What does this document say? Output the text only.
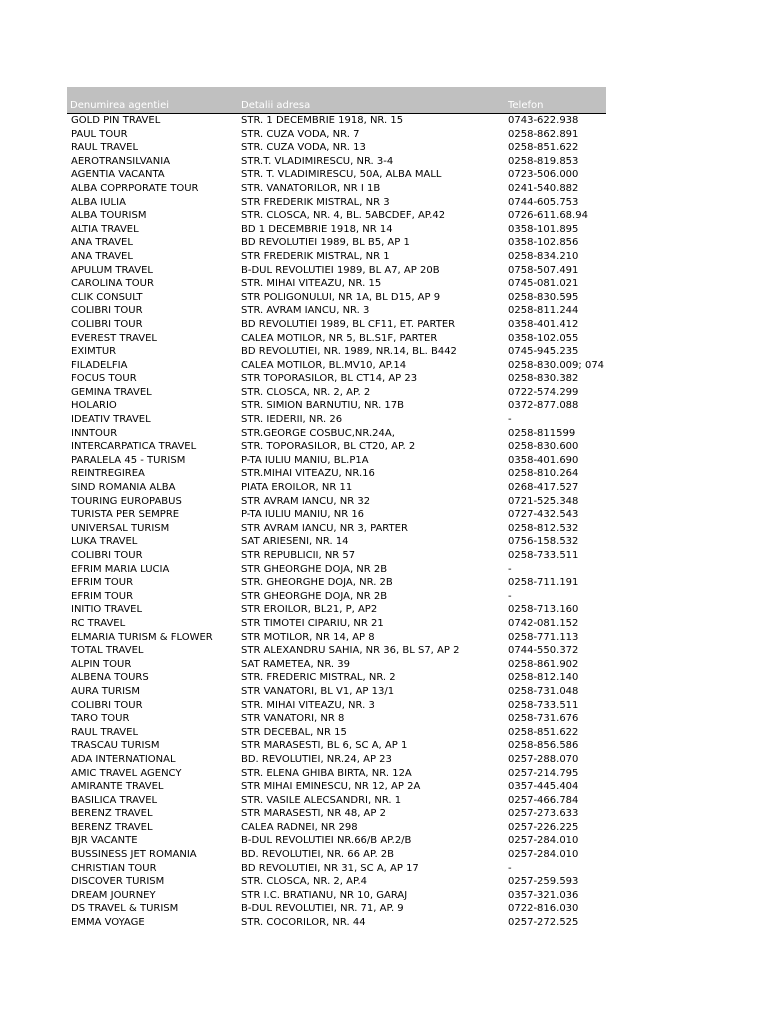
Denumirea agentiei	Detalii adresa	Telefon
GOLD PIN TRAVEL	STR. 1 DECEMBRIE 1918, NR. 15	0743-622.938
PAUL TOUR	STR. CUZA VODA, NR. 7	0258-862.891
RAUL TRAVEL	STR. CUZA VODA, NR. 13	0258-851.622
AEROTRANSILVANIA	STR.T. VLADIMIRESCU, NR. 3-4	0258-819.853
AGENTIA VACANTA	STR. T. VLADIMIRESCU, 50A, ALBA MALL	0723-506.000
ALBA COPRPORATE TOUR	STR. VANATORILOR, NR I 1B	0241-540.882
ALBA IULIA	STR FREDERIK MISTRAL, NR 3	0744-605.753
ALBA TOURISM	STR. CLOSCA, NR. 4, BL. 5ABCDEF, AP.42	0726-611.68.94
ALTIA TRAVEL	BD 1 DECEMBRIE 1918, NR 14	0358-101.895
ANA TRAVEL	BD REVOLUTIEI 1989, BL B5, AP 1	0358-102.856
ANA TRAVEL	STR FREDERIK MISTRAL, NR 1	0258-834.210
APULUM TRAVEL	B-DUL REVOLUTIEI 1989, BL A7, AP 20B	0758-507.491
CAROLINA TOUR	STR. MIHAI VITEAZU, NR. 15	0745-081.021
CLIK CONSULT	STR POLIGONULUI, NR 1A, BL D15, AP 9	0258-830.595
COLIBRI TOUR	STR. AVRAM IANCU, NR. 3	0258-811.244
COLIBRI TOUR	BD REVOLUTIEI 1989, BL CF11, ET. PARTER	0358-401.412
EVEREST TRAVEL	CALEA MOTILOR, NR 5, BL.S1F, PARTER	0358-102.055
EXIMTUR	BD REVOLUTIEI, NR. 1989, NR.14, BL. B442	0745-945.235
FILADELFIA	CALEA MOTILOR, BL.MV10, AP.14	0258-830.009; 074
FOCUS TOUR	STR TOPORASILOR, BL CT14, AP 23	0258-830.382
GEMINA TRAVEL	STR. CLOSCA, NR. 2, AP. 2	0722-574.299
HOLARIO	STR. SIMION BARNUTIU, NR. 17B	0372-877.088
IDEATIV TRAVEL	STR. IEDERII, NR. 26	-
INNTOUR	STR.GEORGE COSBUC,NR.24A,	0258-811599
INTERCARPATICA TRAVEL	STR. TOPORASILOR, BL CT20, AP. 2	0258-830.600
PARALELA 45 - TURISM	P-TA IULIU MANIU, BL.P1A	0358-401.690
REINTREGIREA	STR.MIHAI VITEAZU, NR.16	0258-810.264
SIND ROMANIA ALBA	PIATA EROILOR, NR 11	0268-417.527
TOURING EUROPABUS	STR AVRAM IANCU, NR 32	0721-525.348
TURISTA PER SEMPRE	P-TA IULIU MANIU, NR 16	0727-432.543
UNIVERSAL TURISM	STR AVRAM IANCU, NR 3, PARTER	0258-812.532
LUKA TRAVEL	SAT ARIESENI, NR. 14	0756-158.532
COLIBRI TOUR	STR REPUBLICII, NR 57	0258-733.511
EFRIM MARIA LUCIA	STR GHEORGHE DOJA, NR 2B	-
EFRIM TOUR	STR. GHEORGHE DOJA, NR. 2B	0258-711.191
EFRIM TOUR	STR GHEORGHE DOJA, NR 2B	-
INITIO TRAVEL	STR EROILOR, BL21, P, AP2	0258-713.160
RC TRAVEL	STR TIMOTEI CIPARIU, NR 21	0742-081.152
ELMARIA TURISM & FLOWER	STR MOTILOR, NR 14, AP 8	0258-771.113
TOTAL TRAVEL	STR ALEXANDRU SAHIA, NR 36, BL S7, AP 2	0744-550.372
ALPIN TOUR	SAT RAMETEA, NR. 39	0258-861.902
ALBENA TOURS	STR. FREDERIC MISTRAL, NR. 2	0258-812.140
AURA TURISM	STR VANATORI, BL V1, AP 13/1	0258-731.048
COLIBRI TOUR	STR. MIHAI VITEAZU, NR. 3	0258-733.511
TARO TOUR	STR VANATORI, NR 8	0258-731.676
RAUL TRAVEL	STR DECEBAL, NR 15	0258-851.622
TRASCAU TURISM	STR MARASESTI, BL 6, SC A, AP 1	0258-856.586
ADA INTERNATIONAL	BD. REVOLUTIEI, NR.24, AP 23	0257-288.070
AMIC TRAVEL AGENCY	STR. ELENA GHIBA BIRTA, NR. 12A	0257-214.795
AMIRANTE TRAVEL	STR MIHAI EMINESCU, NR 12, AP 2A	0357-445.404
BASILICA TRAVEL	STR. VASILE ALECSANDRI, NR. 1	0257-466.784
BERENZ TRAVEL	STR MARASESTI, NR 48, AP 2	0257-273.633
BERENZ TRAVEL	CALEA RADNEI, NR 298	0257-226.225
BJR VACANTE	B-DUL REVOLUTIEI NR.66/B AP.2/B	0257-284.010
BUSSINESS JET ROMANIA	BD. REVOLUTIEI, NR. 66 AP. 2B	0257-284.010
CHRISTIAN TOUR	BD REVOLUTIEI, NR 31, SC A, AP 17	-
DISCOVER TURISM	STR. CLOSCA, NR. 2, AP.4	0257-259.593
DREAM JOURNEY	STR I.C. BRATIANU, NR 10, GARAJ	0357-321.036
DS TRAVEL & TURISM	B-DUL REVOLUTIEI, NR. 71, AP. 9	0722-816.030
EMMA VOYAGE	STR. COCORILOR, NR. 44	0257-272.525
